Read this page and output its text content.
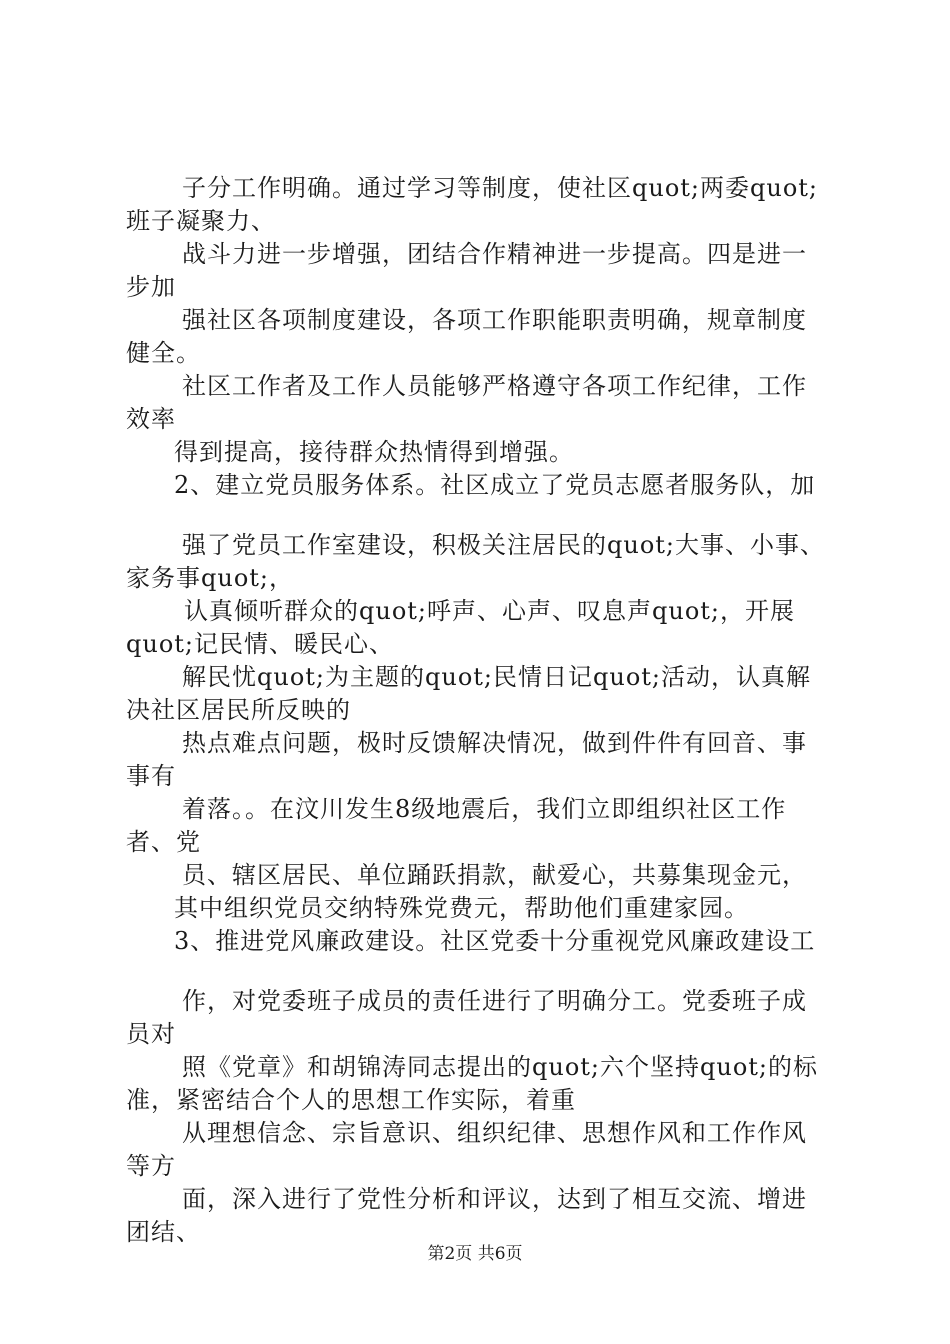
子分工作明确。通过学习等制度，使社区quot;两委quot;
班子凝聚力、
战斗力进一步增强，团结合作精神进一步提高。四是进一
步加
强社区各项制度建设，各项工作职能职责明确，规章制度
健全。
社区工作者及工作人员能够严格遵守各项工作纪律，工作
效率
得到提高，接待群众热情得到增强。
2、建立党员服务体系。社区成立了党员志愿者服务队，加
强了党员工作室建设，积极关注居民的quot;大事、小事、
家务事quot;，
认真倾听群众的quot;呼声、心声、叹息声quot;，开展
quot;记民情、暖民心、
解民忧quot;为主题的quot;民情日记quot;活动，认真解
决社区居民所反映的
热点难点问题，极时反馈解决情况，做到件件有回音、事
事有
着落。。在汶川发生8级地震后，我们立即组织社区工作
者、党
员、辖区居民、单位踊跃捐款，献爱心，共募集现金元，
其中组织党员交纳特殊党费元，帮助他们重建家园。
3、推进党风廉政建设。社区党委十分重视党风廉政建设工
作，对党委班子成员的责任进行了明确分工。党委班子成
员对
照《党章》和胡锦涛同志提出的quot;六个坚持quot;的标
准，紧密结合个人的思想工作实际，着重
从理想信念、宗旨意识、组织纪律、思想作风和工作作风
等方
面，深入进行了党性分析和评议，达到了相互交流、增进
团结、
第2页 共6页
